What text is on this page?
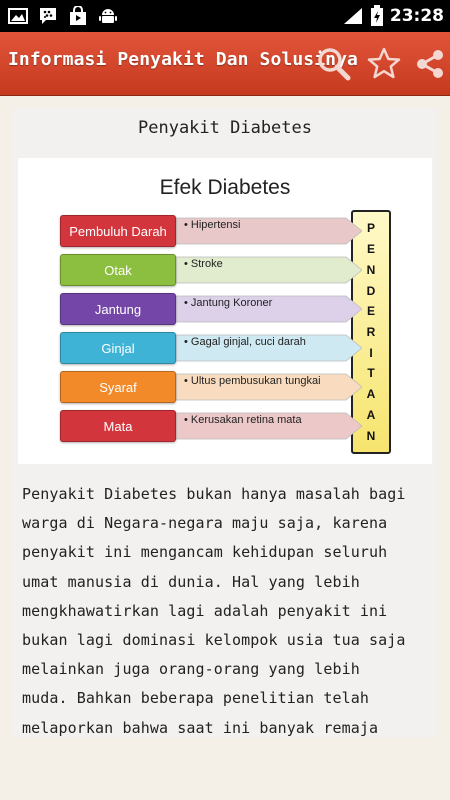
23:28
Informasi Penyakit Dan Solusinya
Penyakit Diabetes
Efek Diabetes
P
E
N
D
E
R
I
T
A
A
N
Pembuluh Darah	• Hipertensi
Otak	• Stroke
Jantung	• Jantung Koroner
Ginjal	• Gagal ginjal, cuci darah
Syaraf	• Ultus pembusukan tungkai
Mata	• Kerusakan retina mata
Penyakit Diabetes bukan hanya masalah bagi
warga di Negara-negara maju saja, karena
penyakit ini mengancam kehidupan seluruh
umat manusia di dunia. Hal yang lebih
mengkhawatirkan lagi adalah penyakit ini
bukan lagi dominasi kelompok usia tua saja
melainkan juga orang-orang yang lebih
muda. Bahkan beberapa penelitian telah
melaporkan bahwa saat ini banyak remaja
